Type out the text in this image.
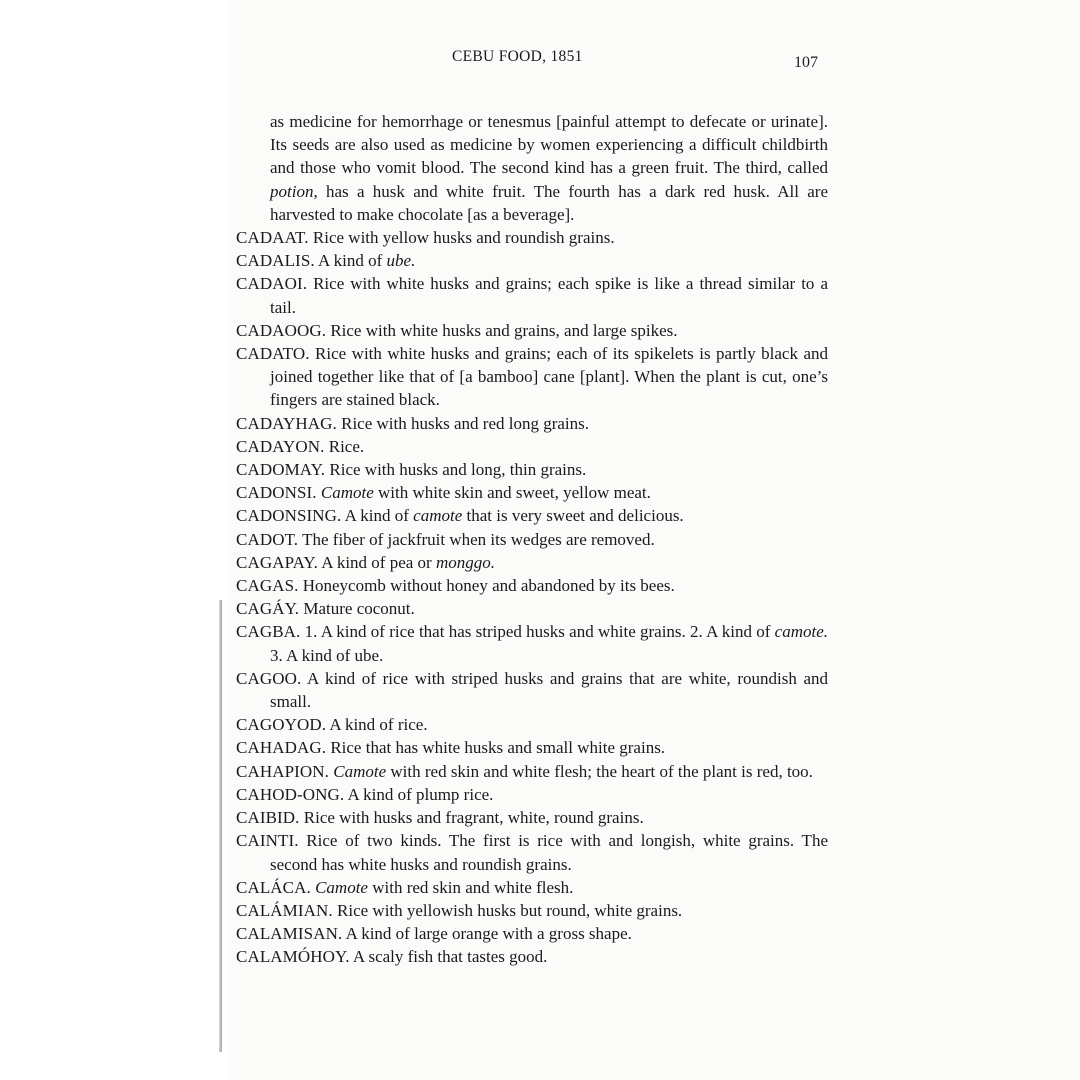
CEBU FOOD, 1851	107

as medicine for hemorrhage or tenesmus [painful attempt to defecate or urinate]. Its seeds are also used as medicine by women experiencing a difficult childbirth and those who vomit blood. The second kind has a green fruit. The third, called potion, has a husk and white fruit. The fourth has a dark red husk. All are harvested to make chocolate [as a beverage].

CADAAT. Rice with yellow husks and roundish grains.

CADALIS. A kind of ube.

CADAOI. Rice with white husks and grains; each spike is like a thread similar to a tail.

CADAOOG. Rice with white husks and grains, and large spikes.

CADATO. Rice with white husks and grains; each of its spikelets is partly black and joined together like that of [a bamboo] cane [plant]. When the plant is cut, one’s fingers are stained black.

CADAYHAG. Rice with husks and red long grains.

CADAYON. Rice.

CADOMAY. Rice with husks and long, thin grains.

CADONSI. Camote with white skin and sweet, yellow meat.

CADONSING. A kind of camote that is very sweet and delicious.

CADOT. The fiber of jackfruit when its wedges are removed.

CAGAPAY. A kind of pea or monggo.

CAGAS. Honeycomb without honey and abandoned by its bees.

CAGÁY. Mature coconut.

CAGBA. 1. A kind of rice that has striped husks and white grains. 2. A kind of camote. 3. A kind of ube.

CAGOO. A kind of rice with striped husks and grains that are white, roundish and small.

CAGOYOD. A kind of rice.

CAHADAG. Rice that has white husks and small white grains.

CAHAPION. Camote with red skin and white flesh; the heart of the plant is red, too.

CAHOD-ONG. A kind of plump rice.

CAIBID. Rice with husks and fragrant, white, round grains.

CAINTI. Rice of two kinds. The first is rice with and longish, white grains. The second has white husks and roundish grains.

CALÁCA. Camote with red skin and white flesh.

CALÁMIAN. Rice with yellowish husks but round, white grains.

CALAMISAN. A kind of large orange with a gross shape.

CALAMÓHOY. A scaly fish that tastes good.
